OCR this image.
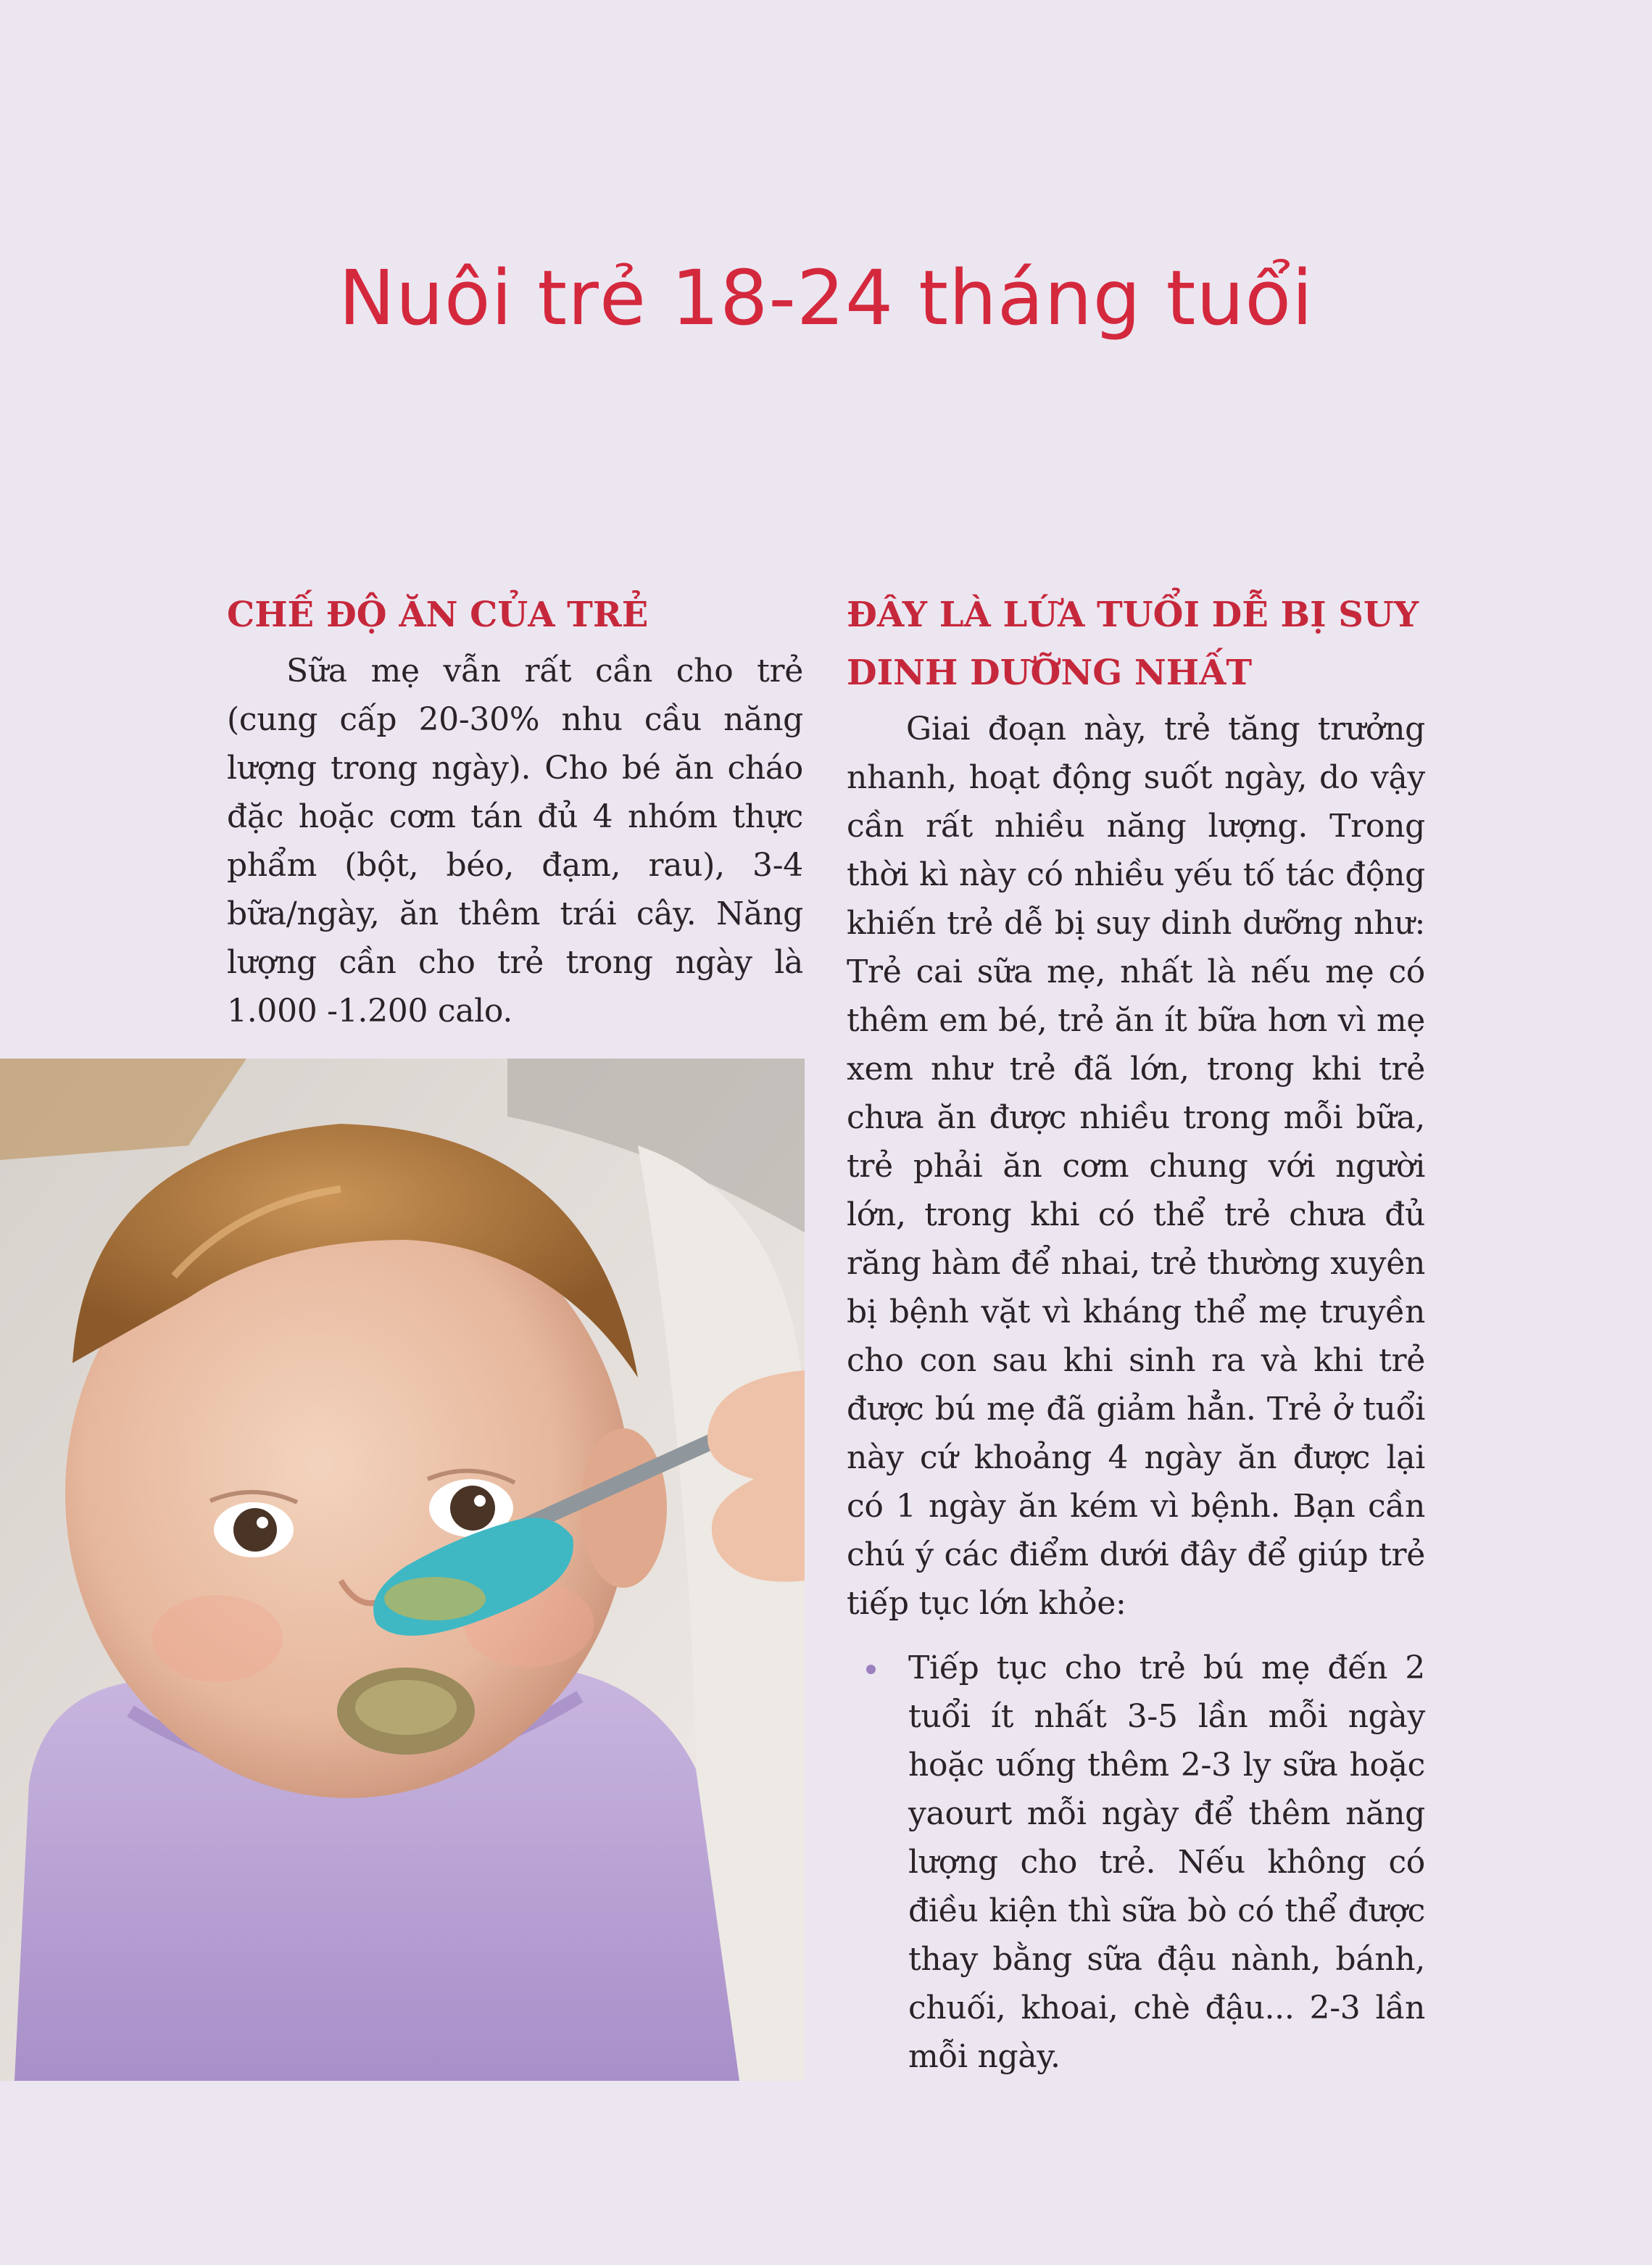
Nuôi trẻ 18-24 tháng tuổi
CHẾ ĐỘ ĂN CỦA TRẺ

Sữa mẹ vẫn rất cần cho trẻ (cung cấp 20-30% nhu cầu năng lượng trong ngày). Cho bé ăn cháo đặc hoặc cơm tán đủ 4 nhóm thực phẩm (bột, béo, đạm, rau), 3-4 bữa/ngày, ăn thêm trái cây. Năng lượng cần cho trẻ trong ngày là 1.000 -1.200 calo.

ĐÂY LÀ LỨA TUỔI DỄ BỊ SUY DINH DƯỠNG NHẤT

Giai đoạn này, trẻ tăng trưởng nhanh, hoạt động suốt ngày, do vậy cần rất nhiều năng lượng. Trong thời kì này có nhiều yếu tố tác động khiến trẻ dễ bị suy dinh dưỡng như: Trẻ cai sữa mẹ, nhất là nếu mẹ có thêm em bé, trẻ ăn ít bữa hơn vì mẹ xem như trẻ đã lớn, trong khi trẻ chưa ăn được nhiều trong mỗi bữa, trẻ phải ăn cơm chung với người lớn, trong khi có thể trẻ chưa đủ răng hàm để nhai, trẻ thường xuyên bị bệnh vặt vì kháng thể mẹ truyền cho con sau khi sinh ra và khi trẻ được bú mẹ đã giảm hẳn. Trẻ ở tuổi này cứ khoảng 4 ngày ăn được lại có 1 ngày ăn kém vì bệnh. Bạn cần chú ý các điểm dưới đây để giúp trẻ tiếp tục lớn khỏe:

Tiếp tục cho trẻ bú mẹ đến 2 tuổi ít nhất 3-5 lần mỗi ngày hoặc uống thêm 2-3 ly sữa hoặc yaourt mỗi ngày để thêm năng lượng cho trẻ. Nếu không có điều kiện thì sữa bò có thể được thay bằng sữa đậu nành, bánh, chuối, khoai, chè đậu... 2-3 lần mỗi ngày.
